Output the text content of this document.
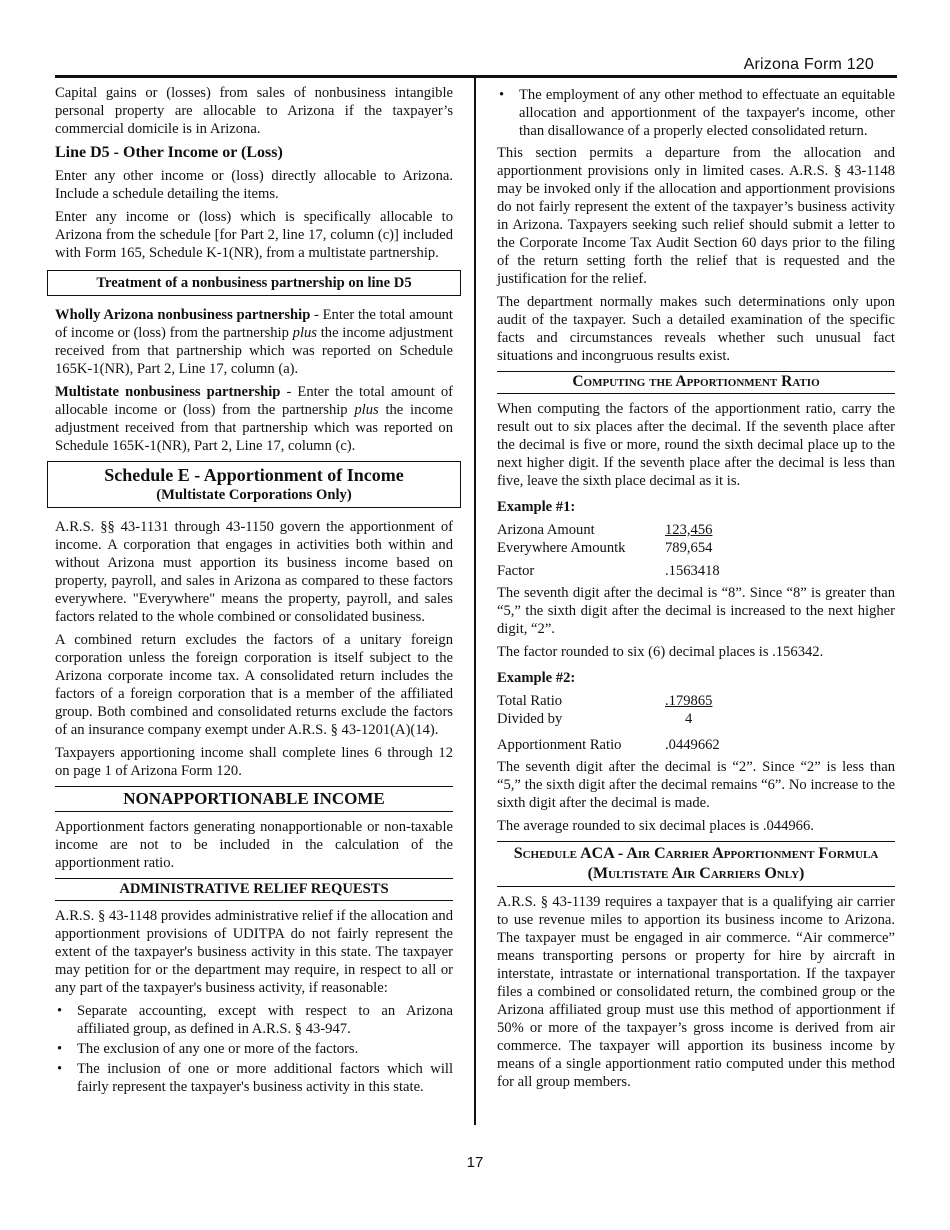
Arizona Form 120

Capital gains or (losses) from sales of nonbusiness intangible personal property are allocable to Arizona if the taxpayer’s commercial domicile is in Arizona.

Line D5 - Other Income or (Loss)

Enter any other income or (loss) directly allocable to Arizona. Include a schedule detailing the items.

Enter any income or (loss) which is specifically allocable to Arizona from the schedule [for Part 2, line 17, column (c)] included with Form 165, Schedule K-1(NR), from a multistate partnership.

Treatment of a nonbusiness partnership on line D5

Wholly Arizona nonbusiness partnership - Enter the total amount of income or (loss) from the partnership plus the income adjustment received from that partnership which was reported on Schedule 165K-1(NR), Part 2, Line 17, column (a).

Multistate nonbusiness partnership - Enter the total amount of allocable income or (loss) from the partnership plus the income adjustment received from that partnership which was reported on Schedule 165K-1(NR), Part 2, Line 17, column (c).

Schedule E - Apportionment of Income
(Multistate Corporations Only)

A.R.S. §§ 43-1131 through 43-1150 govern the apportionment of income. A corporation that engages in activities both within and without Arizona must apportion its business income based on property, payroll, and sales in Arizona as compared to these factors everywhere. "Everywhere" means the property, payroll, and sales factors related to the whole combined or consolidated business.

A combined return excludes the factors of a unitary foreign corporation unless the foreign corporation is itself subject to the Arizona corporate income tax. A consolidated return includes the factors of a foreign corporation that is a member of the affiliated group. Both combined and consolidated returns exclude the factors of an insurance company exempt under A.R.S. § 43-1201(A)(14).

Taxpayers apportioning income shall complete lines 6 through 12 on page 1 of Arizona Form 120.

NONAPPORTIONABLE INCOME

Apportionment factors generating nonapportionable or non-taxable income are not to be included in the calculation of the apportionment ratio.

ADMINISTRATIVE RELIEF REQUESTS

A.R.S. § 43-1148 provides administrative relief if the allocation and apportionment provisions of UDITPA do not fairly represent the extent of the taxpayer's business activity in this state. The taxpayer may petition for or the department may require, in respect to all or any part of the taxpayer's business activity, if reasonable:

• Separate accounting, except with respect to an Arizona affiliated group, as defined in A.R.S. § 43-947.
• The exclusion of any one or more of the factors.
• The inclusion of one or more additional factors which will fairly represent the taxpayer's business activity in this state.
• The employment of any other method to effectuate an equitable allocation and apportionment of the taxpayer's income, other than disallowance of a properly elected consolidated return.

This section permits a departure from the allocation and apportionment provisions only in limited cases. A.R.S. § 43-1148 may be invoked only if the allocation and apportionment provisions do not fairly represent the extent of the taxpayer’s business activity in Arizona. Taxpayers seeking such relief should submit a letter to the Corporate Income Tax Audit Section 60 days prior to the filing of the return setting forth the relief that is requested and the justification for the relief.

The department normally makes such determinations only upon audit of the taxpayer. Such a detailed examination of the specific facts and circumstances reveals whether such unusual fact situations and incongruous results exist.

Computing the Apportionment Ratio

When computing the factors of the apportionment ratio, carry the result out to six places after the decimal. If the seventh place after the decimal is five or more, round the sixth decimal place up to the next higher digit. If the seventh place after the decimal is less than five, leave the sixth place decimal as it is.

Example #1:
Arizona Amount	123,456
Everywhere Amountk	789,654
Factor	.1563418

The seventh digit after the decimal is “8”. Since “8” is greater than “5,” the sixth digit after the decimal is increased to the next higher digit, “2”.

The factor rounded to six (6) decimal places is .156342.

Example #2:
Total Ratio	.179865
Divided by	4
Apportionment Ratio	.0449662

The seventh digit after the decimal is “2”. Since “2” is less than “5,” the sixth digit after the decimal remains “6”. No increase to the sixth digit after the decimal is made.

The average rounded to six decimal places is .044966.

Schedule ACA - Air Carrier Apportionment Formula
(Multistate Air Carriers Only)

A.R.S. § 43-1139 requires a taxpayer that is a qualifying air carrier to use revenue miles to apportion its business income to Arizona. The taxpayer must be engaged in air commerce. “Air commerce” means transporting persons or property for hire by aircraft in interstate, intrastate or international transportation. If the taxpayer files a combined or consolidated return, the combined group or the Arizona affiliated group must use this method of apportionment if 50% or more of the taxpayer’s gross income is derived from air commerce. The taxpayer will apportion its business income by means of a single apportionment ratio computed under this method for all group members.

17
